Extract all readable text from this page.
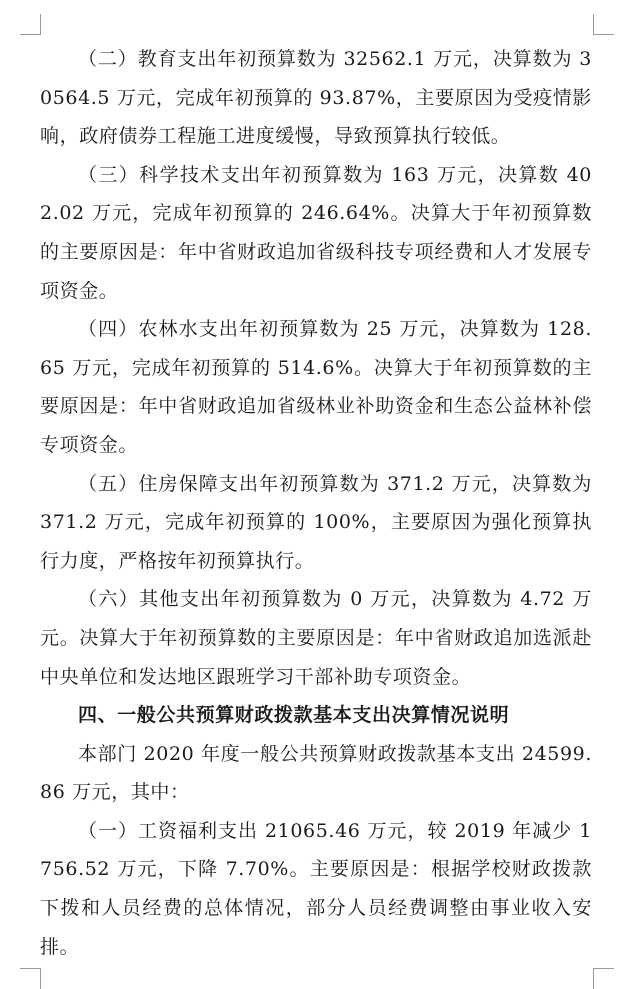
（二）教育支出年初预算数为 32562.1 万元，决算数为 30564.5 万元，完成年初预算的 93.87%，主要原因为受疫情影响，政府债券工程施工进度缓慢，导致预算执行较低。

（三）科学技术支出年初预算数为 163 万元，决算数 402.02 万元，完成年初预算的 246.64%。决算大于年初预算数的主要原因是：年中省财政追加省级科技专项经费和人才发展专项资金。

（四）农林水支出年初预算数为 25 万元，决算数为 128.65 万元，完成年初预算的 514.6%。决算大于年初预算数的主要原因是：年中省财政追加省级林业补助资金和生态公益林补偿专项资金。

（五）住房保障支出年初预算数为 371.2 万元，决算数为 371.2 万元，完成年初预算的 100%，主要原因为强化预算执行力度，严格按年初预算执行。

（六）其他支出年初预算数为 0 万元，决算数为 4.72 万元。决算大于年初预算数的主要原因是：年中省财政追加选派赴中央单位和发达地区跟班学习干部补助专项资金。

四、一般公共预算财政拨款基本支出决算情况说明

本部门 2020 年度一般公共预算财政拨款基本支出 24599.86 万元，其中：

（一）工资福利支出 21065.46 万元，较 2019 年减少 1756.52 万元，下降 7.70%。主要原因是：根据学校财政拨款下拨和人员经费的总体情况，部分人员经费调整由事业收入安排。
